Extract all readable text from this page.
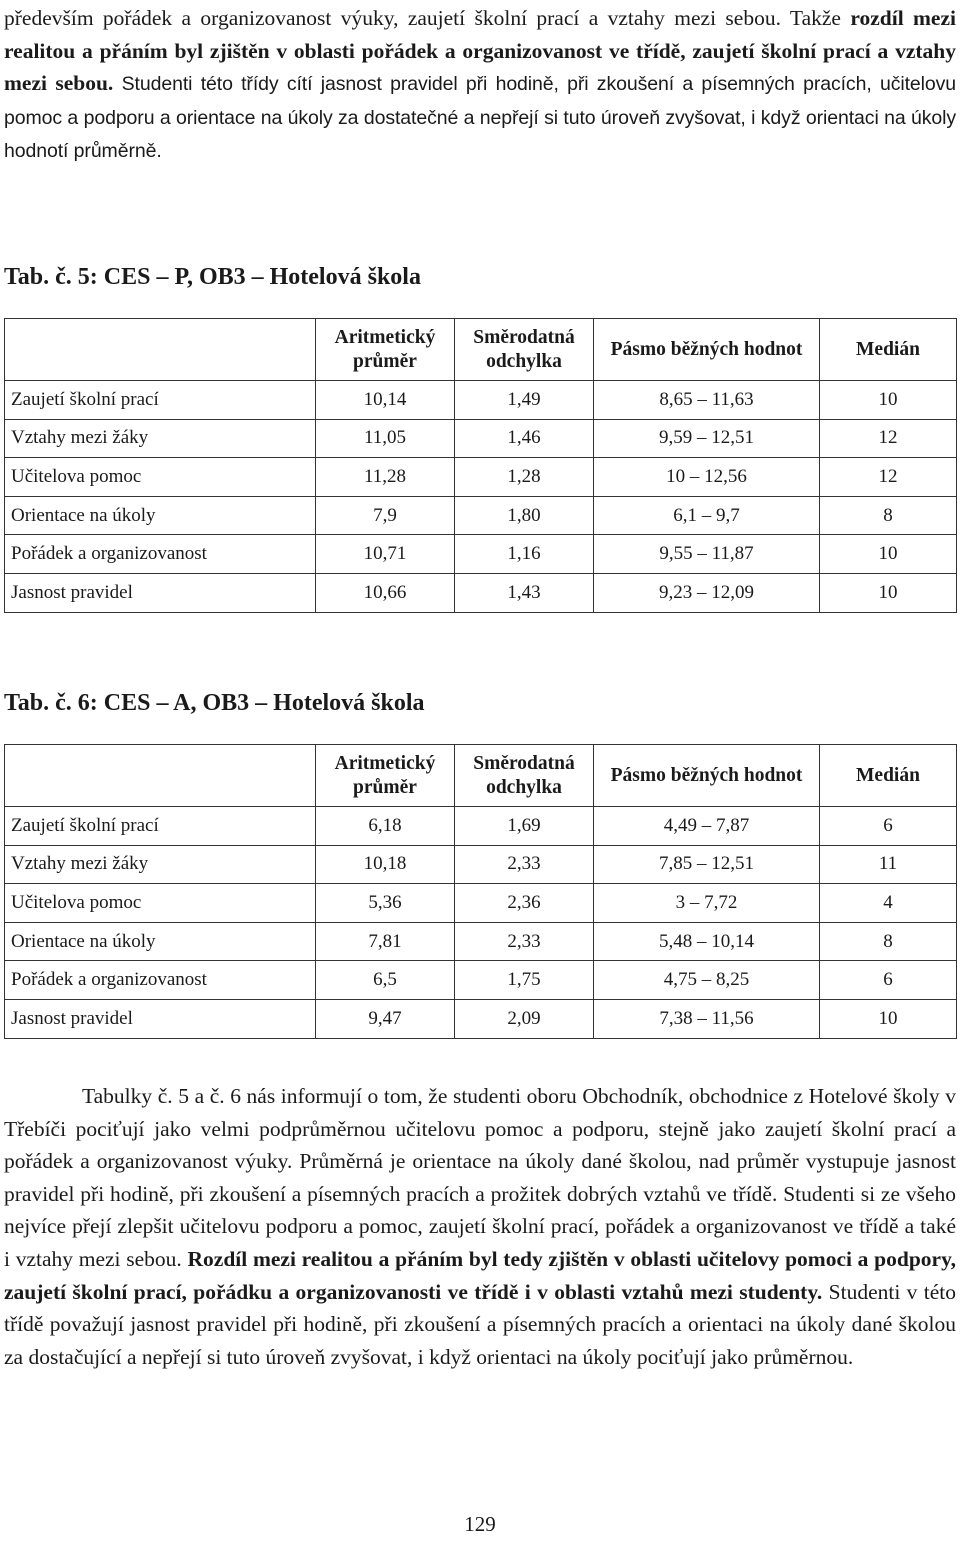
především pořádek a organizovanost výuky, zaujetí školní prací a vztahy mezi sebou. Takže rozdíl mezi realitou a přáním byl zjištěn v oblasti pořádek a organizovanost ve třídě, zaujetí školní prací a vztahy mezi sebou. Studenti této třídy cítí jasnost pravidel při hodině, při zkoušení a písemných pracích, učitelovu pomoc a podporu a orientace na úkoly za dostatečné a nepřejí si tuto úroveň zvyšovat, i když orientaci na úkoly hodnotí průměrně.

Tab. č. 5: CES – P, OB3 – Hotelová škola
	Aritmetický průměr	Směrodatná odchylka	Pásmo běžných hodnot	Medián
Zaujetí školní prací	10,14	1,49	8,65 – 11,63	10
Vztahy mezi žáky	11,05	1,46	9,59 – 12,51	12
Učitelova pomoc	11,28	1,28	10 – 12,56	12
Orientace na úkoly	7,9	1,80	6,1 – 9,7	8
Pořádek a organizovanost	10,71	1,16	9,55 – 11,87	10
Jasnost pravidel	10,66	1,43	9,23 – 12,09	10
Tab. č. 6: CES – A, OB3 – Hotelová škola
	Aritmetický průměr	Směrodatná odchylka	Pásmo běžných hodnot	Medián
Zaujetí školní prací	6,18	1,69	4,49 – 7,87	6
Vztahy mezi žáky	10,18	2,33	7,85 – 12,51	11
Učitelova pomoc	5,36	2,36	3 – 7,72	4
Orientace na úkoly	7,81	2,33	5,48 – 10,14	8
Pořádek a organizovanost	6,5	1,75	4,75 – 8,25	6
Jasnost pravidel	9,47	2,09	7,38 – 11,56	10

Tabulky č. 5 a č. 6 nás informují o tom, že studenti oboru Obchodník, obchodnice z Hotelové školy v Třebíči pociťují jako velmi podprůměrnou učitelovu pomoc a podporu, stejně jako zaujetí školní prací a pořádek a organizovanost výuky. Průměrná je orientace na úkoly dané školou, nad průměr vystupuje jasnost pravidel při hodině, při zkoušení a písemných pracích a prožitek dobrých vztahů ve třídě. Studenti si ze všeho nejvíce přejí zlepšit učitelovu podporu a pomoc, zaujetí školní prací, pořádek a organizovanost ve třídě a také i vztahy mezi sebou. Rozdíl mezi realitou a přáním byl tedy zjištěn v oblasti učitelovy pomoci a podpory, zaujetí školní prací, pořádku a organizovanosti ve třídě i v oblasti vztahů mezi studenty. Studenti v této třídě považují jasnost pravidel při hodině, při zkoušení a písemných pracích a orientaci na úkoly dané školou za dostačující a nepřejí si tuto úroveň zvyšovat, i když orientaci na úkoly pociťují jako průměrnou.

129
